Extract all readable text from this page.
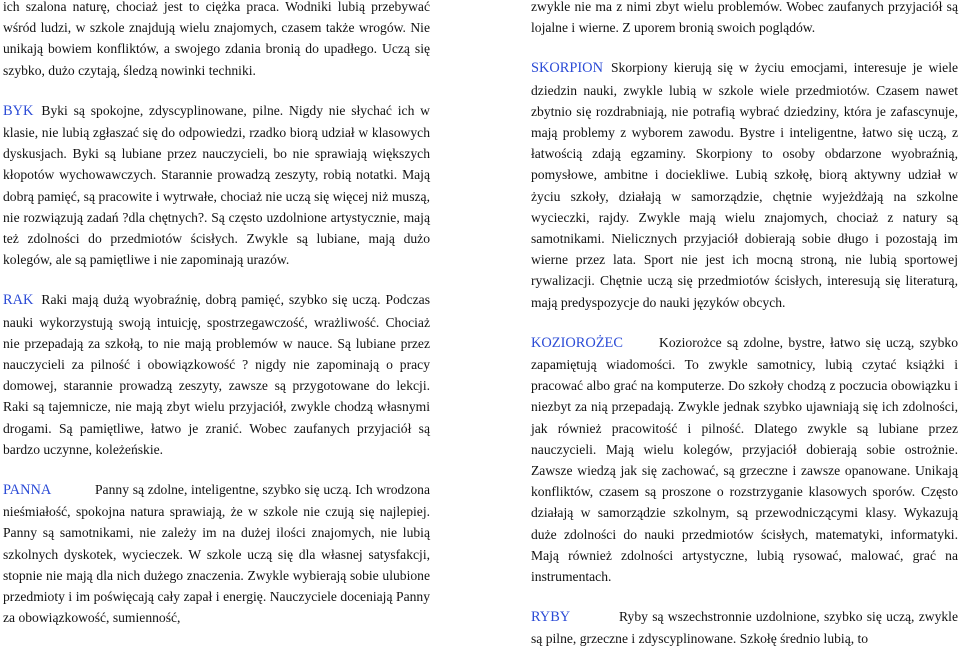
ich szalona naturę, chociaż jest to ciężka praca. Wodniki lubią przebywać wśród ludzi, w szkole znajdują wielu znajomych, czasem także wrogów. Nie unikają bowiem konfliktów, a swojego zdania bronią do upadłego. Uczą się szybko, dużo czytają, śledzą nowinki techniki.

BYK Byki są spokojne, zdyscyplinowane, pilne. Nigdy nie słychać ich w klasie, nie lubią zgłaszać się do odpowiedzi, rzadko biorą udział w klasowych dyskusjach. Byki są lubiane przez nauczycieli, bo nie sprawiają większych kłopotów wychowawczych. Starannie prowadzą zeszyty, robią notatki. Mają dobrą pamięć, są pracowite i wytrwałe, chociaż nie uczą się więcej niż muszą, nie rozwiązują zadań ?dla chętnych?. Są często uzdolnione artystycznie, mają też zdolności do przedmiotów ścisłych. Zwykle są lubiane, mają dużo kolegów, ale są pamiętliwe i nie zapominają urazów.

RAK Raki mają dużą wyobraźnię, dobrą pamięć, szybko się uczą. Podczas nauki wykorzystują swoją intuicję, spostrzegawczość, wrażliwość. Chociaż nie przepadają za szkołą, to nie mają problemów w nauce. Są lubiane przez nauczycieli za pilność i obowiązkowość ? nigdy nie zapominają o pracy domowej, starannie prowadzą zeszyty, zawsze są przygotowane do lekcji. Raki są tajemnicze, nie mają zbyt wielu przyjaciół, zwykle chodzą własnymi drogami. Są pamiętliwe, łatwo je zranić. Wobec zaufanych przyjaciół są bardzo uczynne, koleżeńskie.

PANNA	Panny są zdolne, inteligentne, szybko się uczą. Ich wrodzona nieśmiałość, spokojna natura sprawiają, że w szkole nie czują się najlepiej. Panny są samotnikami, nie zależy im na dużej ilości znajomych, nie lubią szkolnych dyskotek, wycieczek. W szkole uczą się dla własnej satysfakcji, stopnie nie mają dla nich dużego znaczenia. Zwykle wybierają sobie ulubione przedmioty i im poświęcają cały zapał i energię. Nauczyciele doceniają Panny za obowiązkowość, sumienność,

zwykle nie ma z nimi zbyt wielu problemów. Wobec zaufanych przyjaciół są lojalne i wierne. Z uporem bronią swoich poglądów.

SKORPION Skorpiony kierują się w życiu emocjami, interesuje je wiele dziedzin nauki, zwykle lubią w szkole wiele przedmiotów. Czasem nawet zbytnio się rozdrabniają, nie potrafią wybrać dziedziny, która je zafascynuje, mają problemy z wyborem zawodu. Bystre i inteligentne, łatwo się uczą, z łatwością zdają egzaminy. Skorpiony to osoby obdarzone wyobraźnią, pomysłowe, ambitne i dociekliwe. Lubią szkołę, biorą aktywny udział w życiu szkoły, działają w samorządzie, chętnie wyjeżdżają na szkolne wycieczki, rajdy. Zwykle mają wielu znajomych, chociaż z natury są samotnikami. Nielicznych przyjaciół dobierają sobie długo i pozostają im wierne przez lata. Sport nie jest ich mocną stroną, nie lubią sportowej rywalizacji. Chętnie uczą się przedmiotów ścisłych, interesują się literaturą, mają predyspozycje do nauki języków obcych.

KOZIOROŻEC	Koziorożce są zdolne, bystre, łatwo się uczą, szybko zapamiętują wiadomości. To zwykle samotnicy, lubią czytać książki i pracować albo grać na komputerze. Do szkoły chodzą z poczucia obowiązku i niezbyt za nią przepadają. Zwykle jednak szybko ujawniają się ich zdolności, jak również pracowitość i pilność. Dlatego zwykle są lubiane przez nauczycieli. Mają wielu kolegów, przyjaciół dobierają sobie ostrożnie. Zawsze wiedzą jak się zachować, są grzeczne i zawsze opanowane. Unikają konfliktów, czasem są proszone o rozstrzyganie klasowych sporów. Często działają w samorządzie szkolnym, są przewodniczącymi klasy. Wykazują duże zdolności do nauki przedmiotów ścisłych, matematyki, informatyki. Mają również zdolności artystyczne, lubią rysować, malować, grać na instrumentach.

RYBY	Ryby są wszechstronnie uzdolnione, szybko się uczą, zwykle są pilne, grzeczne i zdyscyplinowane. Szkołę średnio lubią, to
